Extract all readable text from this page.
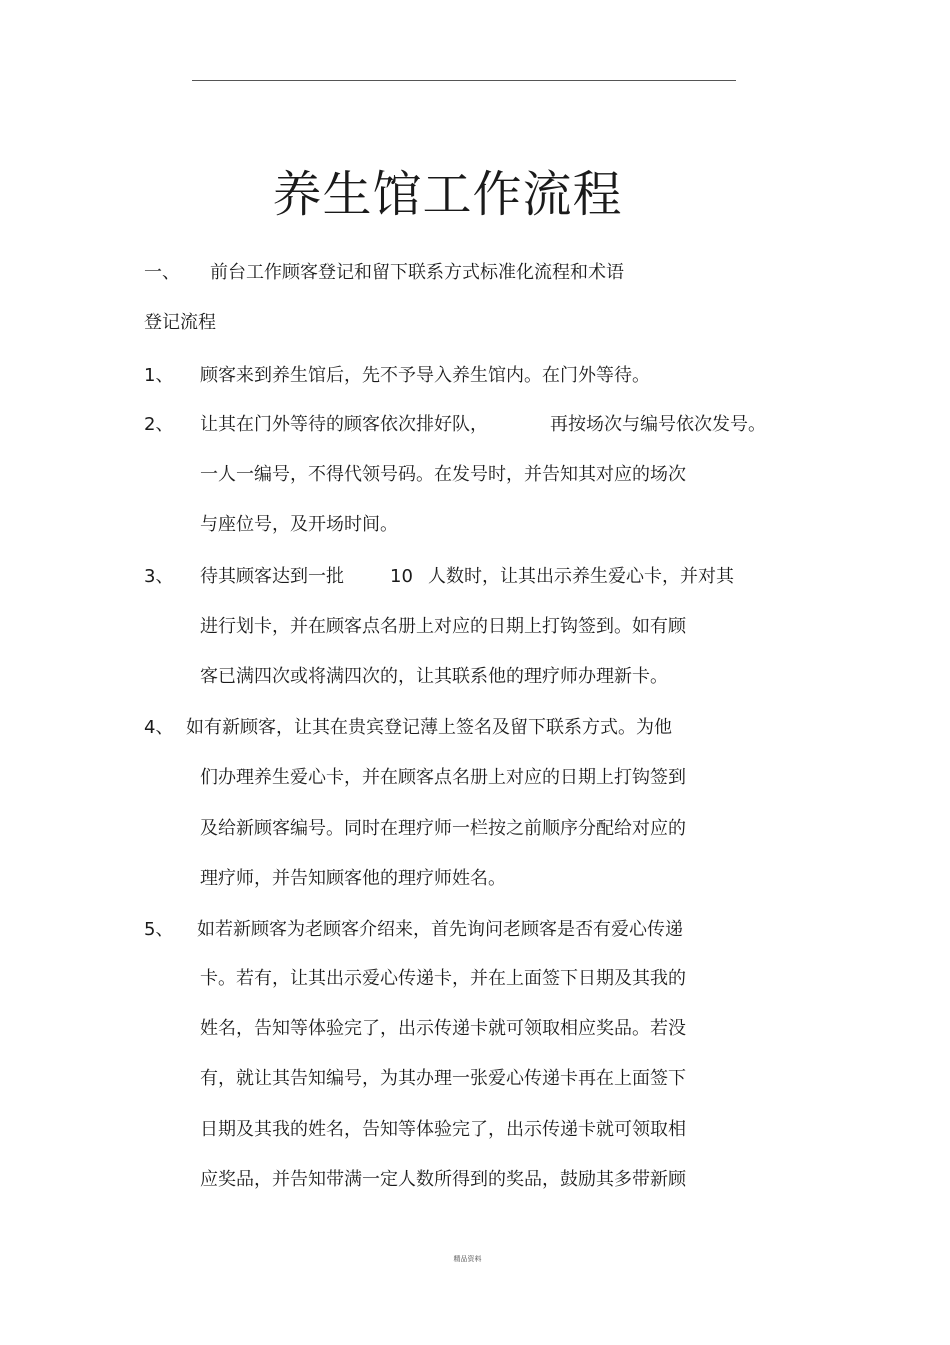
养生馆工作流程
一、 前台工作顾客登记和留下联系方式标准化流程和术语
登记流程
1、 顾客来到养生馆后，先不予导入养生馆内。在门外等待。
2、 让其在门外等待的顾客依次排好队，	再按场次与编号依次发号。
一人一编号，不得代领号码。在发号时，并告知其对应的场次
与座位号，及开场时间。
3、 待其顾客达到一批	10 人数时，让其出示养生爱心卡，并对其
进行划卡，并在顾客点名册上对应的日期上打钩签到。如有顾
客已满四次或将满四次的，让其联系他的理疗师办理新卡。
4、 如有新顾客，让其在贵宾登记薄上签名及留下联系方式。为他
们办理养生爱心卡，并在顾客点名册上对应的日期上打钩签到
及给新顾客编号。同时在理疗师一栏按之前顺序分配给对应的
理疗师，并告知顾客他的理疗师姓名。
5、 如若新顾客为老顾客介绍来，首先询问老顾客是否有爱心传递
卡。若有，让其出示爱心传递卡，并在上面签下日期及其我的
姓名，告知等体验完了，出示传递卡就可领取相应奖品。若没
有，就让其告知编号，为其办理一张爱心传递卡再在上面签下
日期及其我的姓名，告知等体验完了，出示传递卡就可领取相
应奖品，并告知带满一定人数所得到的奖品，鼓励其多带新顾
精品资料
